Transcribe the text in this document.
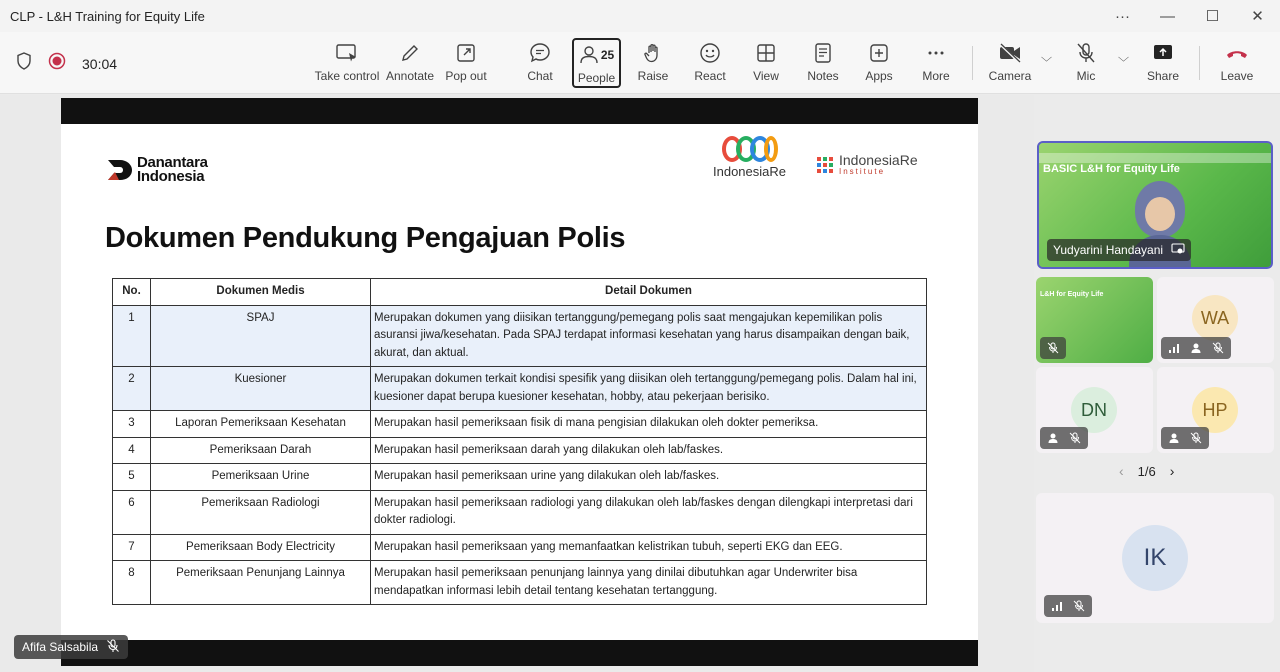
CLP - L&H Training for Equity Life	···	—	☐	✕
30:04
Take control Annotate Pop out	Chat
25
People Raise React View Notes Apps More	Camera
﹀
Mic
﹀
Share	Leave
Danantara Indonesia	IndonesiaRe
IndonesiaRe
Institute
Dokumen Pendukung Pengajuan Polis
No.	Dokumen Medis	Detail Dokumen
1	SPAJ	Merupakan dokumen yang diisikan tertanggung/pemegang polis saat mengajukan kepemilikan polis asuransi jiwa/kesehatan. Pada SPAJ terdapat informasi kesehatan yang harus disampaikan dengan baik, akurat, dan aktual.
2	Kuesioner	Merupakan dokumen terkait kondisi spesifik yang diisikan oleh tertanggung/pemegang polis. Dalam hal ini, kuesioner dapat berupa kuesioner kesehatan, hobby, atau pekerjaan berisiko.
3	Laporan Pemeriksaan Kesehatan	Merupakan hasil pemeriksaan fisik di mana pengisian dilakukan oleh dokter pemeriksa.
4	Pemeriksaan Darah	Merupakan hasil pemeriksaan darah yang dilakukan oleh lab/faskes.
5	Pemeriksaan Urine	Merupakan hasil pemeriksaan urine yang dilakukan oleh lab/faskes.
6	Pemeriksaan Radiologi	Merupakan hasil pemeriksaan radiologi yang dilakukan oleh lab/faskes dengan dilengkapi interpretasi dari dokter radiologi.
7	Pemeriksaan Body Electricity	Merupakan hasil pemeriksaan yang memanfaatkan kelistrikan tubuh, seperti EKG dan EEG.
8	Pemeriksaan Penunjang Lainnya	Merupakan hasil pemeriksaan penunjang lainnya yang dinilai dibutuhkan agar Underwriter bisa mendapatkan informasi lebih detail tentang kesehatan tertanggung.
Afifa Salsabila
BASIC L&H for Equity Life
Yudyarini Handayani
L&H for Equity Life
WA
DN	HP
‹ 1/6 ›
IK
